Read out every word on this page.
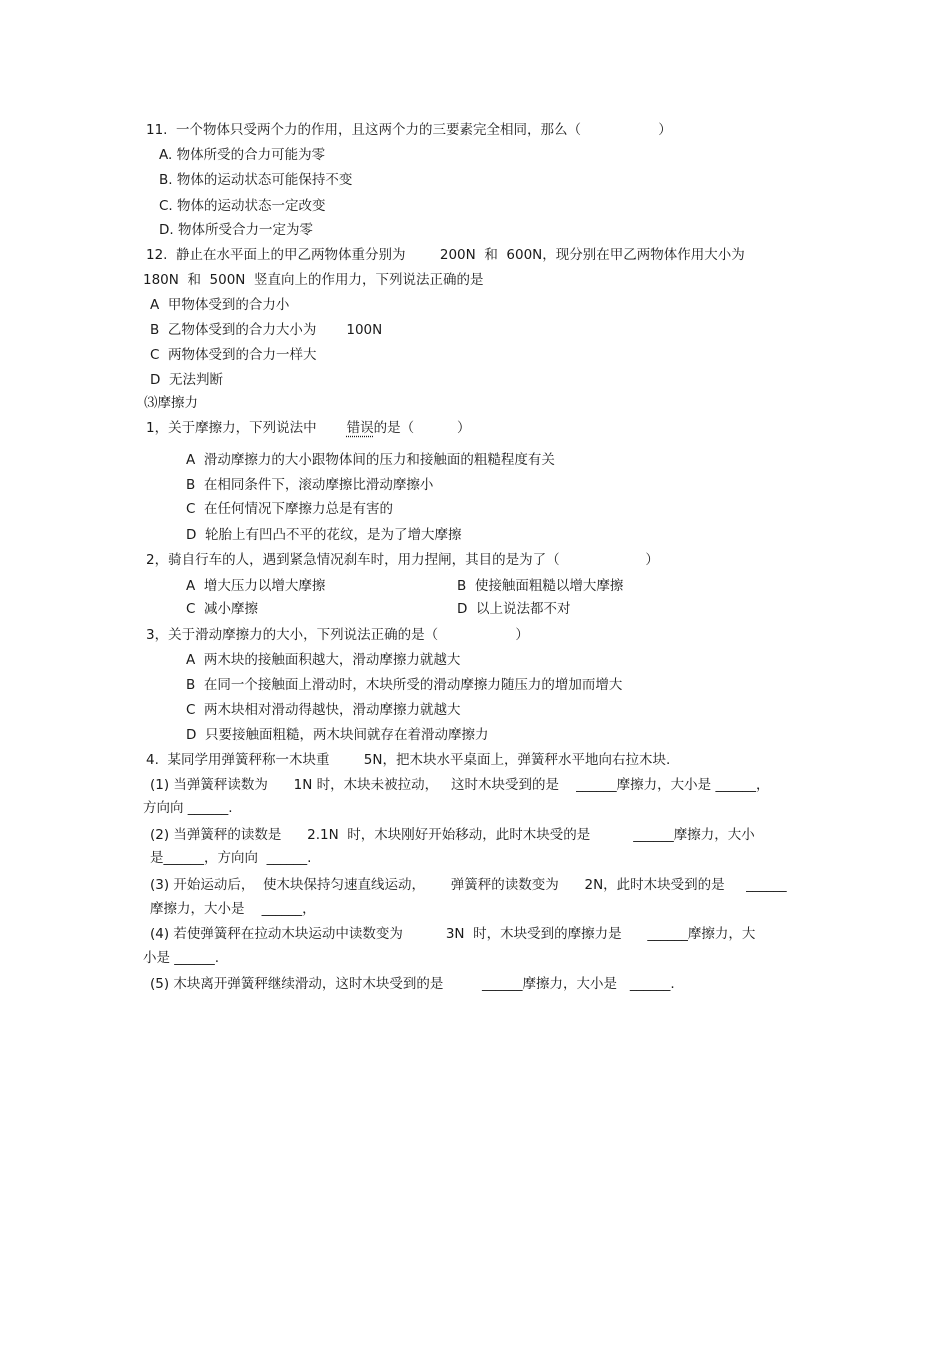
11.  一个物体只受两个力的作用，且这两个力的三要素完全相同，那么（                  ）
A. 物体所受的合力可能为零
B. 物体的运动状态可能保持不变
C. 物体的运动状态一定改变
D. 物体所受合力一定为零
12.  静止在水平面上的甲乙两物体重分别为        200N  和  600N，现分别在甲乙两物体作用大小为
180N  和  500N  竖直向上的作用力，下列说法正确的是
A  甲物体受到的合力小
B  乙物体受到的合力大小为       100N
C  两物体受到的合力一样大
D  无法判断
⑶摩擦力
1，关于摩擦力，下列说法中       错误的是（          ）
A  滑动摩擦力的大小跟物体间的压力和接触面的粗糙程度有关
B  在相同条件下，滚动摩擦比滑动摩擦小
C  在任何情况下摩擦力总是有害的
D  轮胎上有凹凸不平的花纹，是为了增大摩擦
2，骑自行车的人，遇到紧急情况刹车时，用力捏闸，其目的是为了（                    ）
A  增大压力以增大摩擦	B  使接触面粗糙以增大摩擦
C  减小摩擦	D  以上说法都不对
3，关于滑动摩擦力的大小，下列说法正确的是（                  ）
A  两木块的接触面积越大，滑动摩擦力就越大
B  在同一个接触面上滑动时，木块所受的滑动摩擦力随压力的增加而增大
C  两木块相对滑动得越快，滑动摩擦力就越大
D  只要接触面粗糙，两木块间就存在着滑动摩擦力
4.  某同学用弹簧秤称一木块重        5N，把木块水平桌面上，弹簧秤水平地向右拉木块.
(1) 当弹簧秤读数为      1N 时，木块未被拉动，   这时木块受到的是    ______摩擦力，大小是 ______，
方向向 ______.
(2) 当弹簧秤的读数是      2.1N  时，木块刚好开始移动，此时木块受的是          ______摩擦力，大小
是______，方向向  ______.
(3) 开始运动后，  使木块保持匀速直线运动，      弹簧秤的读数变为      2N，此时木块受到的是     ______
摩擦力，大小是    ______，
(4) 若使弹簧秤在拉动木块运动中读数变为          3N  时，木块受到的摩擦力是      ______摩擦力，大
小是 ______.
(5) 木块离开弹簧秤继续滑动，这时木块受到的是         ______摩擦力，大小是   ______.
